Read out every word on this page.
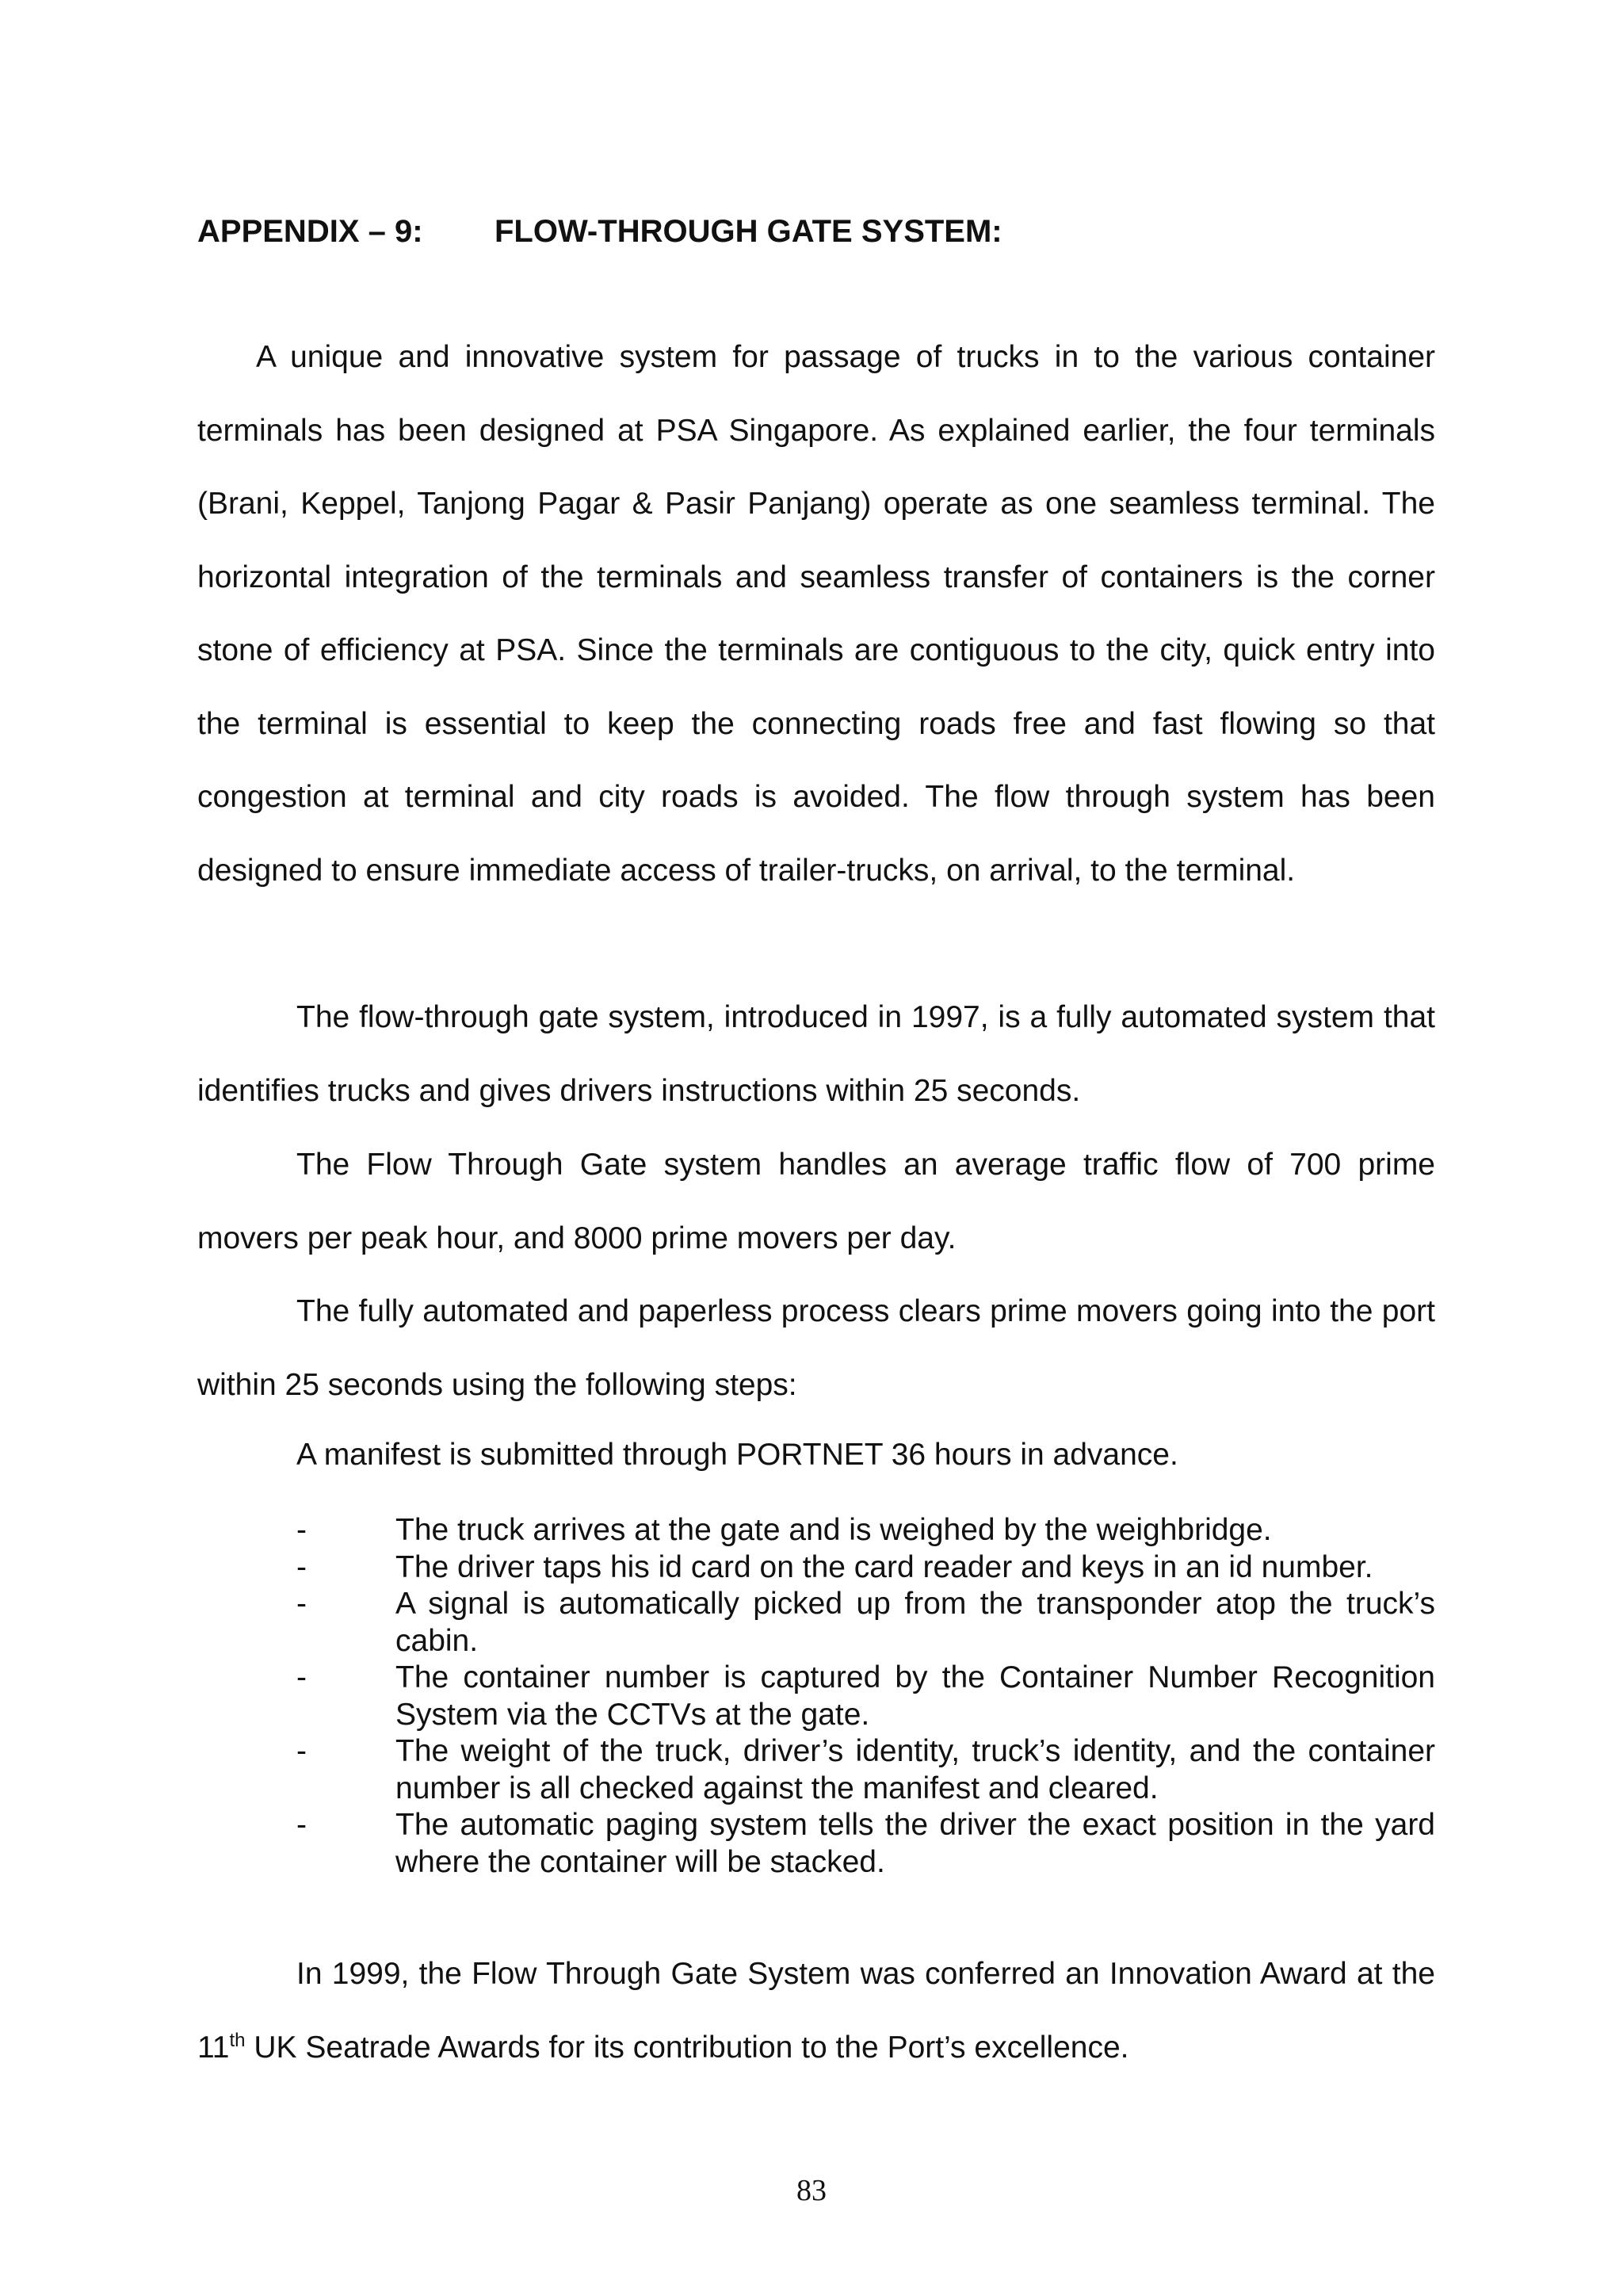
APPENDIX – 9: FLOW-THROUGH GATE SYSTEM:

A unique and innovative system for passage of trucks in to the various container terminals has been designed at PSA Singapore. As explained earlier, the four terminals (Brani, Keppel, Tanjong Pagar & Pasir Panjang) operate as one seamless terminal. The horizontal integration of the terminals and seamless transfer of containers is the corner stone of efficiency at PSA. Since the terminals are contiguous to the city, quick entry into the terminal is essential to keep the connecting roads free and fast flowing so that congestion at terminal and city roads is avoided. The flow through system has been designed to ensure immediate access of trailer-trucks, on arrival, to the terminal.

The flow-through gate system, introduced in 1997, is a fully automated system that identifies trucks and gives drivers instructions within 25 seconds.

The Flow Through Gate system handles an average traffic flow of 700 prime movers per peak hour, and 8000 prime movers per day.

The fully automated and paperless process clears prime movers going into the port within 25 seconds using the following steps:

A manifest is submitted through PORTNET 36 hours in advance.
-	The truck arrives at the gate and is weighed by the weighbridge.
-	The driver taps his id card on the card reader and keys in an id number.
-	A signal is automatically picked up from the transponder atop the truck’s cabin.
-	The container number is captured by the Container Number Recognition System via the CCTVs at the gate.
-	The weight of the truck, driver’s identity, truck’s identity, and the container number is all checked against the manifest and cleared.
-	The automatic paging system tells the driver the exact position in the yard where the container will be stacked.

In 1999, the Flow Through Gate System was conferred an Innovation Award at the 11th UK Seatrade Awards for its contribution to the Port’s excellence.

83
